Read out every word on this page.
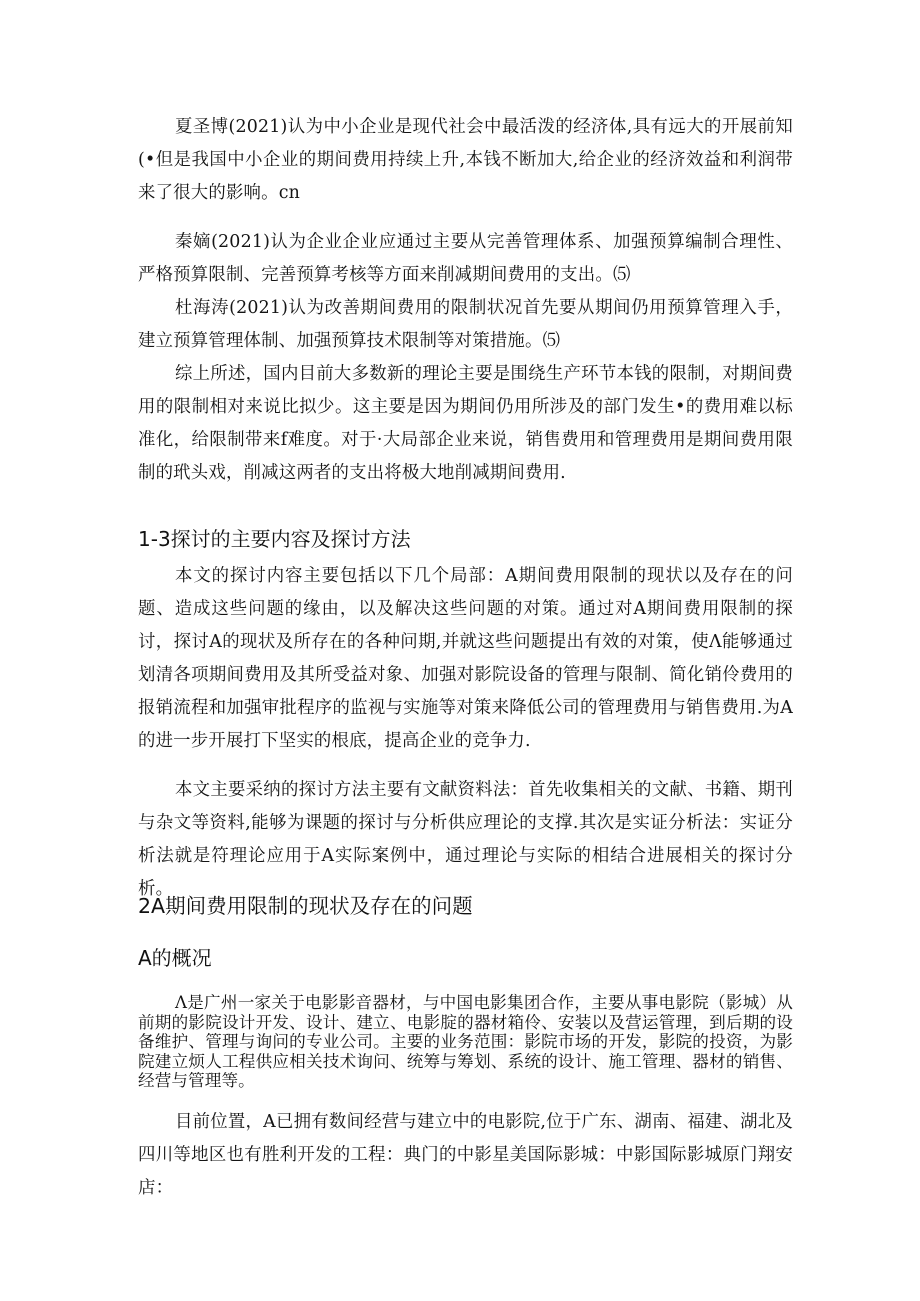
夏圣博(2021)认为中小企业是现代社会中最活泼的经济体,具有远大的开展前知(•但是我国中小企业的期间费用持续上升,本钱不断加大,给企业的经济效益和利润带来了很大的影响。cn

秦嫡(2021)认为企业企业应通过主要从完善管理体系、加强预算编制合理性、严格预算限制、完善预算考核等方面来削减期间费用的支出。⑸

杜海涛(2021)认为改善期间费用的限制状况首先要从期间仍用预算管理入手，建立预算管理体制、加强预算技术限制等对策措施。⑸

综上所述，国内目前大多数新的理论主要是围绕生产环节本钱的限制，对期间费用的限制相对来说比拟少。这主要是因为期间仍用所涉及的部门发生•的费用难以标准化，给限制带来f难度。对于·大局部企业来说，销售费用和管理费用是期间费用限制的玳头戏，削减这两者的支出将极大地削减期间费用.

1-3探讨的主要内容及探讨方法

本文的探讨内容主要包括以下几个局部：A期间费用限制的现状以及存在的问题、造成这些问题的缘由，以及解决这些问题的对策。通过对A期间费用限制的探讨，探讨A的现状及所存在的各种问期,并就这些问题提出有效的对策，使Λ能够通过划清各项期间费用及其所受益对象、加强对影院设备的管理与限制、简化销伶费用的报销流程和加强审批程序的监视与实施等对策来降低公司的管理费用与销售费用.为A的进一步开展打下坚实的根底，提高企业的竞争力.

本文主要采纳的探讨方法主要有文献资料法：首先收集相关的文献、书籍、期刊与杂文等资料,能够为课题的探讨与分析供应理论的支撑.其次是实证分析法：实证分析法就是符理论应用于A实际案例中，通过理论与实际的相结合进展相关的探讨分析。

2A期间费用限制的现状及存在的问题
A的概况

Λ是广州一家关于电影影音器材，与中国电影集团合作，主要从事电影院（影城）从前期的影院设计开发、设计、建立、电影腚的器材箱伶、安装以及营运管理，到后期的设备维护、管理与询问的专业公司。主要的业务范围：影院市场的开发，影院的投资，为影院建立烦人工程供应相关技术询问、统筹与筹划、系统的设计、施工管理、器材的销售、经营与管理等。

目前位置，A已拥有数间经营与建立中的电影院,位于广东、湖南、福建、湖北及四川等地区也有胜利开发的工程：典门的中影星美国际影城：中影国际影城原门翔安店：
